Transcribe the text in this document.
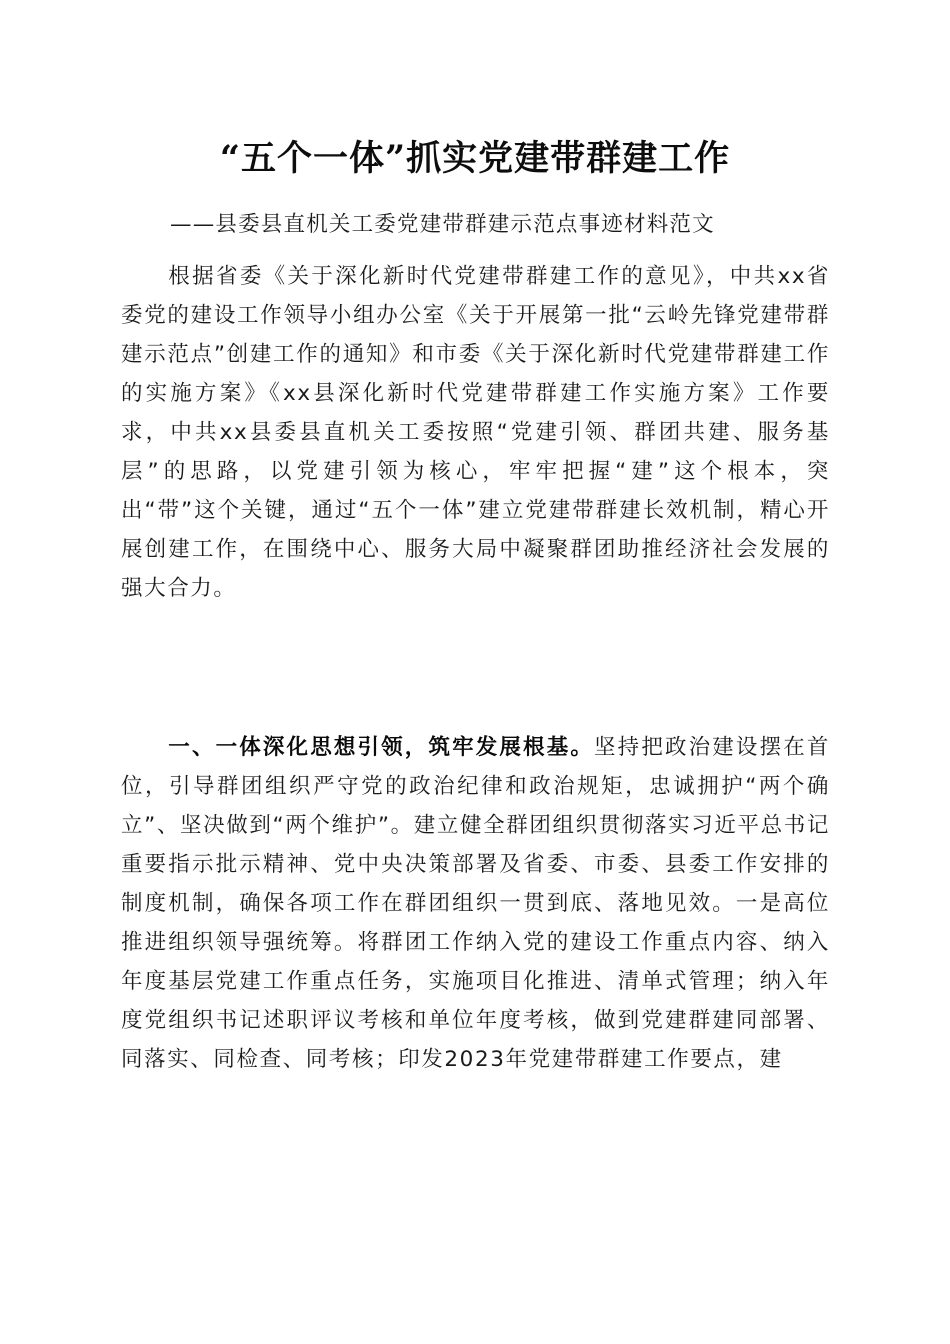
“五个一体”抓实党建带群建工作
——县委县直机关工委党建带群建示范点事迹材料范文

根据省委《关于深化新时代党建带群建工作的意见》，中共xx省委党的建设工作领导小组办公室《关于开展第一批“云岭先锋党建带群建示范点”创建工作的通知》和市委《关于深化新时代党建带群建工作的实施方案》《xx县深化新时代党建带群建工作实施方案》工作要求，中共xx县委县直机关工委按照“党建引领、群团共建、服务基层”的思路，以党建引领为核心，牢牢把握“建”这个根本，突出“带”这个关键，通过“五个一体”建立党建带群建长效机制，精心开展创建工作，在围绕中心、服务大局中凝聚群团助推经济社会发展的强大合力。

一、一体深化思想引领，筑牢发展根基。坚持把政治建设摆在首位，引导群团组织严守党的政治纪律和政治规矩，忠诚拥护“两个确立”、坚决做到“两个维护”。建立健全群团组织贯彻落实习近平总书记重要指示批示精神、党中央决策部署及省委、市委、县委工作安排的制度机制，确保各项工作在群团组织一贯到底、落地见效。一是高位推进组织领导强统筹。将群团工作纳入党的建设工作重点内容、纳入年度基层党建工作重点任务，实施项目化推进、清单式管理；纳入年度党组织书记述职评议考核和单位年度考核，做到党建群建同部署、同落实、同检查、同考核；印发2023年党建带群建工作要点，建
